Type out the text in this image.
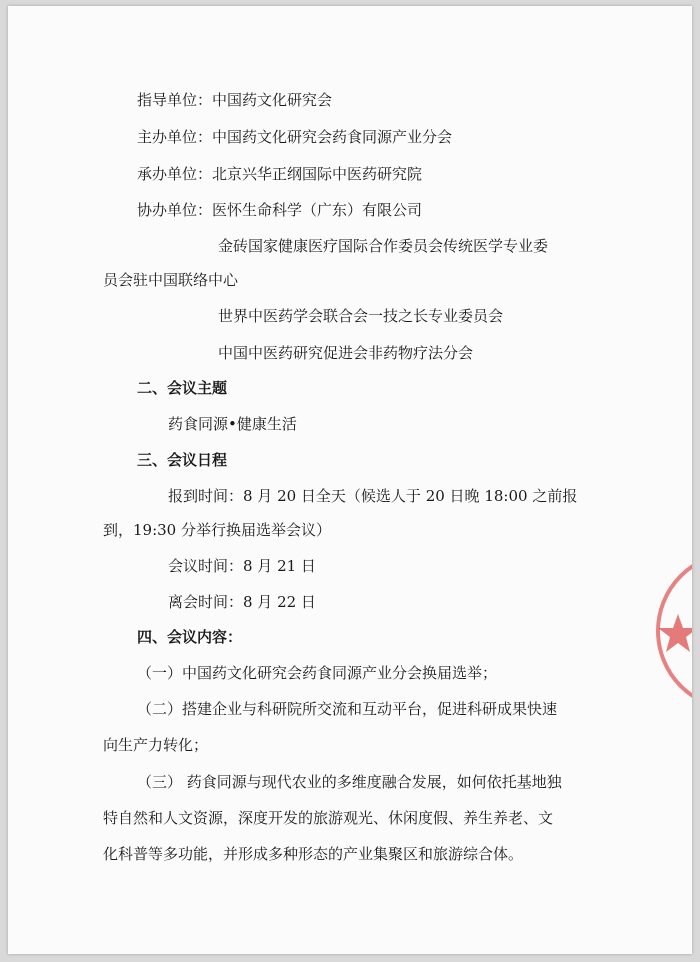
指导单位：中国药文化研究会
主办单位：中国药文化研究会药食同源产业分会
承办单位：北京兴华正纲国际中医药研究院
协办单位：医怀生命科学（广东）有限公司
金砖国家健康医疗国际合作委员会传统医学专业委
员会驻中国联络中心
世界中医药学会联合会一技之长专业委员会
中国中医药研究促进会非药物疗法分会
二、会议主题
药食同源•健康生活
三、会议日程
报到时间：8 月 20 日全天（候选人于 20 日晚 18:00 之前报
到，19:30 分举行换届选举会议）
会议时间：8 月 21 日
离会时间：8 月 22 日
四、会议内容：
（一）中国药文化研究会药食同源产业分会换届选举；
（二）搭建企业与科研院所交流和互动平台，促进科研成果快速
向生产力转化；
（三） 药食同源与现代农业的多维度融合发展，如何依托基地独
特自然和人文资源，深度开发的旅游观光、休闲度假、养生养老、文
化科普等多功能，并形成多种形态的产业集聚区和旅游综合体。
